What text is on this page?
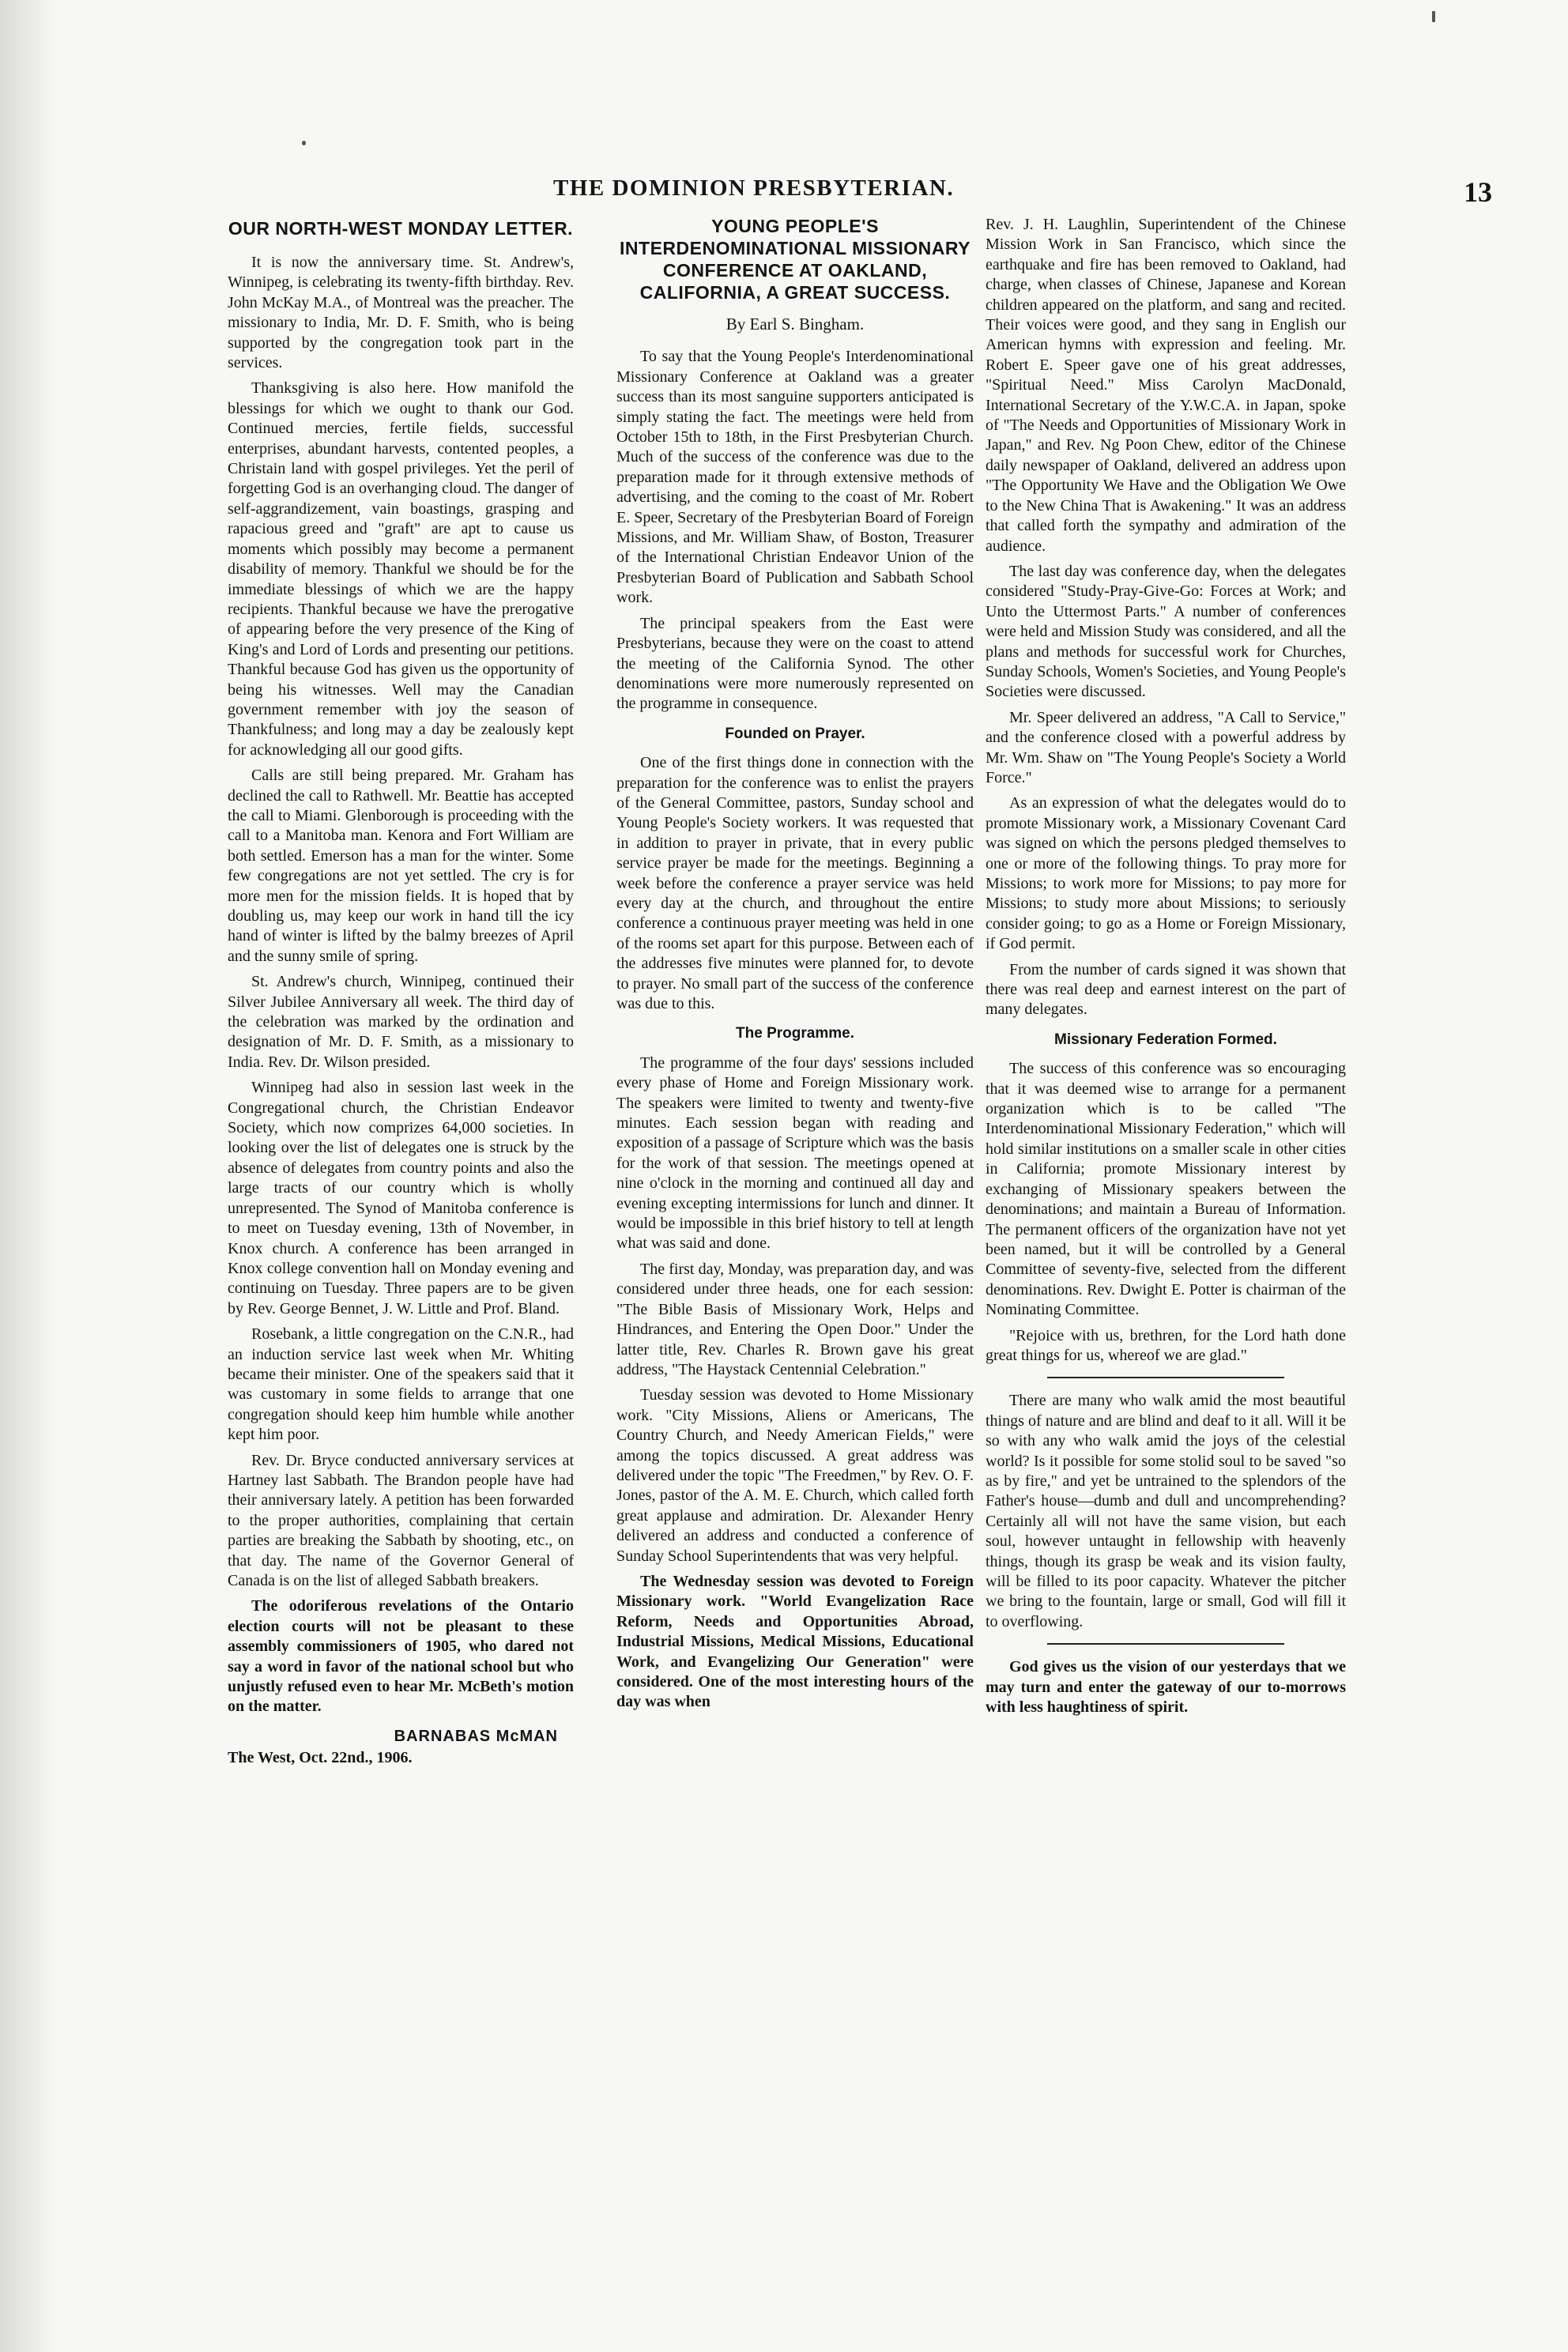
THE DOMINION PRESBYTERIAN.	13
OUR NORTH-WEST MONDAY LETTER.

It is now the anniversary time. St. Andrew's, Winnipeg, is celebrating its twenty-fifth birthday. Rev. John McKay M.A., of Montreal was the preacher. The missionary to India, Mr. D. F. Smith, who is being supported by the congregation took part in the services.

Thanksgiving is also here. How manifold the blessings for which we ought to thank our God. Continued mercies, fertile fields, successful enterprises, abundant harvests, contented peoples, a Christain land with gospel privileges. Yet the peril of forgetting God is an overhanging cloud. The danger of self-aggrandizement, vain boastings, grasping and rapacious greed and "graft" are apt to cause us moments which possibly may become a permanent disability of memory. Thankful we should be for the immediate blessings of which we are the happy recipients. Thankful because we have the prerogative of appearing before the very presence of the King of King's and Lord of Lords and presenting our petitions. Thankful because God has given us the opportunity of being his witnesses. Well may the Canadian government remember with joy the season of Thankfulness; and long may a day be zealously kept for acknowledging all our good gifts.

Calls are still being prepared. Mr. Graham has declined the call to Rathwell. Mr. Beattie has accepted the call to Miami. Glenborough is proceeding with the call to a Manitoba man. Kenora and Fort William are both settled. Emerson has a man for the winter. Some few congregations are not yet settled. The cry is for more men for the mission fields. It is hoped that by doubling us, may keep our work in hand till the icy hand of winter is lifted by the balmy breezes of April and the sunny smile of spring.

St. Andrew's church, Winnipeg, continued their Silver Jubilee Anniversary all week. The third day of the celebration was marked by the ordination and designation of Mr. D. F. Smith, as a missionary to India. Rev. Dr. Wilson presided.

Winnipeg had also in session last week in the Congregational church, the Christian Endeavor Society, which now comprizes 64,000 societies. In looking over the list of delegates one is struck by the absence of delegates from country points and also the large tracts of our country which is wholly unrepresented. The Synod of Manitoba conference is to meet on Tuesday evening, 13th of November, in Knox church. A conference has been arranged in Knox college convention hall on Monday evening and continuing on Tuesday. Three papers are to be given by Rev. George Bennet, J. W. Little and Prof. Bland.

Rosebank, a little congregation on the C.N.R., had an induction service last week when Mr. Whiting became their minister. One of the speakers said that it was customary in some fields to arrange that one congregation should keep him humble while another kept him poor.

Rev. Dr. Bryce conducted anniversary services at Hartney last Sabbath. The Brandon people have had their anniversary lately. A petition has been forwarded to the proper authorities, complaining that certain parties are breaking the Sabbath by shooting, etc., on that day. The name of the Governor General of Canada is on the list of alleged Sabbath breakers.

The odoriferous revelations of the Ontario election courts will not be pleasant to these assembly commissioners of 1905, who dared not say a word in favor of the national school but who unjustly refused even to hear Mr. McBeth's motion on the matter.

BARNABAS McMAN

The West, Oct. 22nd., 1906.

YOUNG PEOPLE'S INTERDENOMINATIONAL MISSIONARY CONFERENCE AT OAKLAND, CALIFORNIA, A GREAT SUCCESS.
By Earl S. Bingham.

To say that the Young People's Interdenominational Missionary Conference at Oakland was a greater success than its most sanguine supporters anticipated is simply stating the fact. The meetings were held from October 15th to 18th, in the First Presbyterian Church. Much of the success of the conference was due to the preparation made for it through extensive methods of advertising, and the coming to the coast of Mr. Robert E. Speer, Secretary of the Presbyterian Board of Foreign Missions, and Mr. William Shaw, of Boston, Treasurer of the International Christian Endeavor Union of the Presbyterian Board of Publication and Sabbath School work.

The principal speakers from the East were Presbyterians, because they were on the coast to attend the meeting of the California Synod. The other denominations were more numerously represented on the programme in consequence.

Founded on Prayer.

One of the first things done in connection with the preparation for the conference was to enlist the prayers of the General Committee, pastors, Sunday school and Young People's Society workers. It was requested that in addition to prayer in private, that in every public service prayer be made for the meetings. Beginning a week before the conference a prayer service was held every day at the church, and throughout the entire conference a continuous prayer meeting was held in one of the rooms set apart for this purpose. Between each of the addresses five minutes were planned for, to devote to prayer. No small part of the success of the conference was due to this.

The Programme.

The programme of the four days' sessions included every phase of Home and Foreign Missionary work. The speakers were limited to twenty and twenty-five minutes. Each session began with reading and exposition of a passage of Scripture which was the basis for the work of that session. The meetings opened at nine o'clock in the morning and continued all day and evening excepting intermissions for lunch and dinner. It would be impossible in this brief history to tell at length what was said and done.

The first day, Monday, was preparation day, and was considered under three heads, one for each session: "The Bible Basis of Missionary Work, Helps and Hindrances, and Entering the Open Door." Under the latter title, Rev. Charles R. Brown gave his great address, "The Haystack Centennial Celebration."

Tuesday session was devoted to Home Missionary work. "City Missions, Aliens or Americans, The Country Church, and Needy American Fields," were among the topics discussed. A great address was delivered under the topic "The Freedmen," by Rev. O. F. Jones, pastor of the A. M. E. Church, which called forth great applause and admiration. Dr. Alexander Henry delivered an address and conducted a conference of Sunday School Superintendents that was very helpful.

The Wednesday session was devoted to Foreign Missionary work. "World Evangelization Race Reform, Needs and Opportunities Abroad, Industrial Missions, Medical Missions, Educational Work, and Evangelizing Our Generation" were considered. One of the most interesting hours of the day was when

Rev. J. H. Laughlin, Superintendent of the Chinese Mission Work in San Francisco, which since the earthquake and fire has been removed to Oakland, had charge, when classes of Chinese, Japanese and Korean children appeared on the platform, and sang and recited. Their voices were good, and they sang in English our American hymns with expression and feeling. Mr. Robert E. Speer gave one of his great addresses, "Spiritual Need." Miss Carolyn MacDonald, International Secretary of the Y.W.C.A. in Japan, spoke of "The Needs and Opportunities of Missionary Work in Japan," and Rev. Ng Poon Chew, editor of the Chinese daily newspaper of Oakland, delivered an address upon "The Opportunity We Have and the Obligation We Owe to the New China That is Awakening." It was an address that called forth the sympathy and admiration of the audience.

The last day was conference day, when the delegates considered "Study-Pray-Give-Go: Forces at Work; and Unto the Uttermost Parts." A number of conferences were held and Mission Study was considered, and all the plans and methods for successful work for Churches, Sunday Schools, Women's Societies, and Young People's Societies were discussed.

Mr. Speer delivered an address, "A Call to Service," and the conference closed with a powerful address by Mr. Wm. Shaw on "The Young People's Society a World Force."

As an expression of what the delegates would do to promote Missionary work, a Missionary Covenant Card was signed on which the persons pledged themselves to one or more of the following things. To pray more for Missions; to work more for Missions; to pay more for Missions; to study more about Missions; to seriously consider going; to go as a Home or Foreign Missionary, if God permit.

From the number of cards signed it was shown that there was real deep and earnest interest on the part of many delegates.

Missionary Federation Formed.

The success of this conference was so encouraging that it was deemed wise to arrange for a permanent organization which is to be called "The Interdenominational Missionary Federation," which will hold similar institutions on a smaller scale in other cities in California; promote Missionary interest by exchanging of Missionary speakers between the denominations; and maintain a Bureau of Information. The permanent officers of the organization have not yet been named, but it will be controlled by a General Committee of seventy-five, selected from the different denominations. Rev. Dwight E. Potter is chairman of the Nominating Committee.

"Rejoice with us, brethren, for the Lord hath done great things for us, whereof we are glad."

There are many who walk amid the most beautiful things of nature and are blind and deaf to it all. Will it be so with any who walk amid the joys of the celestial world? Is it possible for some stolid soul to be saved "so as by fire," and yet be untrained to the splendors of the Father's house—dumb and dull and uncomprehending? Certainly all will not have the same vision, but each soul, however untaught in fellowship with heavenly things, though its grasp be weak and its vision faulty, will be filled to its poor capacity. Whatever the pitcher we bring to the fountain, large or small, God will fill it to overflowing.

God gives us the vision of our yesterdays that we may turn and enter the gateway of our to-morrows with less haughtiness of spirit.
